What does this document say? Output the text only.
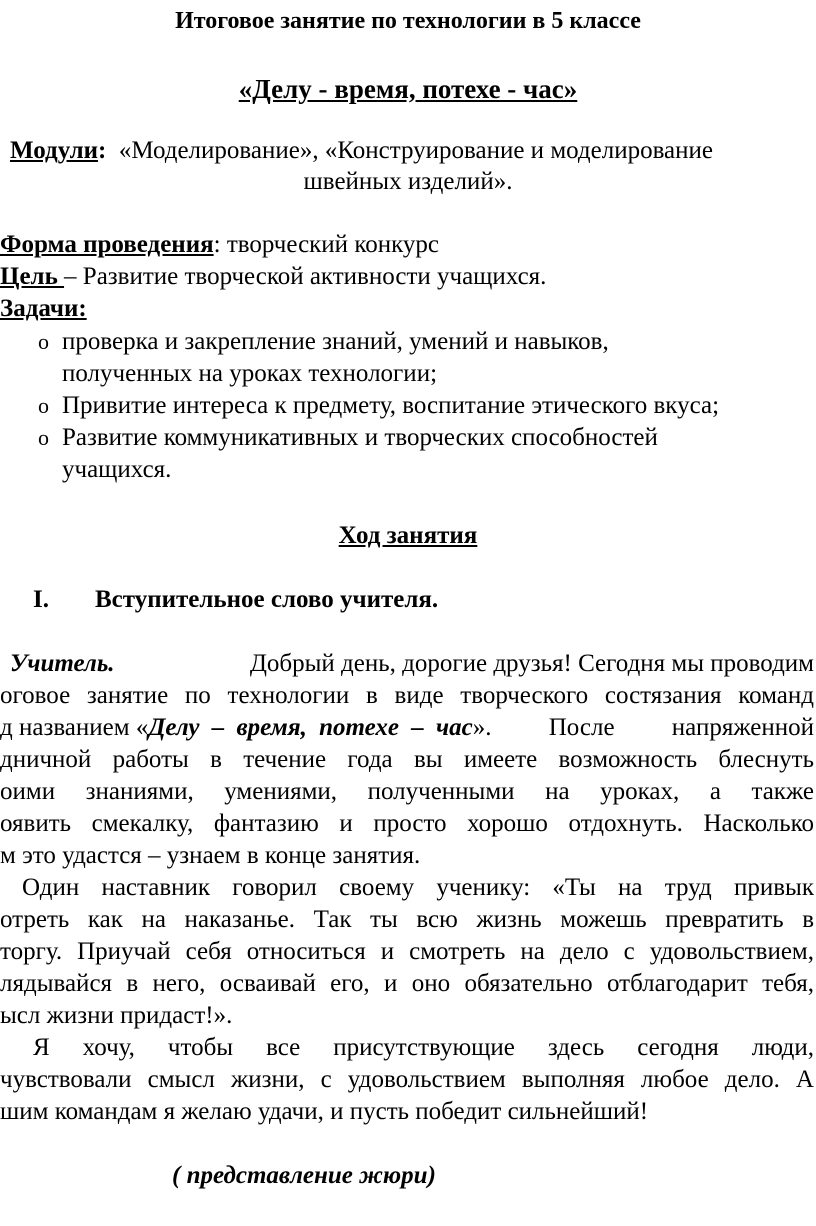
Итоговое занятие по технологии в 5 классе
«Делу - время, потехе - час»
Модули: «Моделирование», «Конструирование и моделирование
швейных изделий».
Форма проведения: творческий конкурс
Цель – Развитие творческой активности учащихся.
Задачи:
o проверка и закрепление знаний, умений и навыков,
полученных на уроках технологии;
o Привитие интереса к предмету, воспитание этического вкуса;
o Развитие коммуникативных и творческих способностей
учащихся.
Ход занятия
I. Вступительное слово учителя.
Учитель.	Добрый день, дорогие друзья! Сегодня мы проводим
оговое занятие по технологии в виде творческого состязания команд
д названием « Делу – время, потехе – час ». После напряженной
дничной работы в течение года вы имеете возможность блеснуть
оими знаниями, умениями, полученными на уроках, а также
оявить смекалку, фантазию и просто хорошо отдохнуть. Насколько
м это удастся – узнаем в конце занятия.
Один наставник говорил своему ученику: «Ты на труд привык
отреть как на наказанье. Так ты всю жизнь можешь превратить в
торгу. Приучай себя относиться и смотреть на дело с удовольствием,
лядывайся в него, осваивай его, и оно обязательно отблагодарит тебя,
ысл жизни придаст!».
Я хочу, чтобы все присутствующие здесь сегодня люди,
чувствовали смысл жизни, с удовольствием выполняя любое дело. А
шим командам я желаю удачи, и пусть победит сильнейший!
( представление жюри)
